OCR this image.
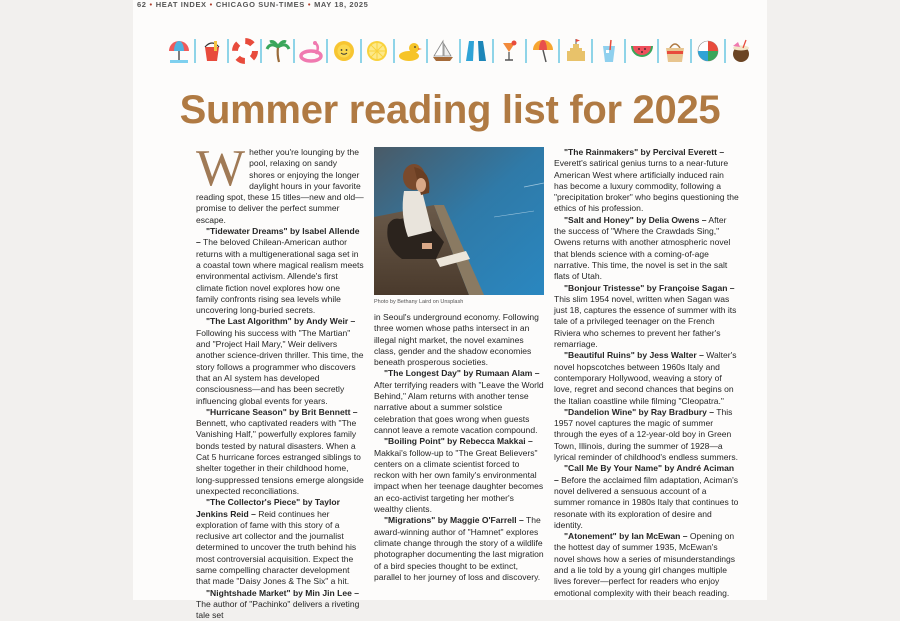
62 • HEAT INDEX • CHICAGO SUN-TIMES • MAY 18, 2025
Summer reading list for 2025

Whether you're lounging by the pool, relaxing on sandy shores or enjoying the longer daylight hours in your favorite reading spot, these 15 titles—new and old—promise to deliver the perfect summer escape.

"Tidewater Dreams" by Isabel Allende – The beloved Chilean-American author returns with a multigenerational saga set in a coastal town where magical realism meets environmental activism. Allende's first climate fiction novel explores how one family confronts rising sea levels while uncovering long-buried secrets.

"The Last Algorithm" by Andy Weir – Following his success with "The Martian" and "Project Hail Mary," Weir delivers another science-driven thriller. This time, the story follows a programmer who discovers that an AI system has developed consciousness—and has been secretly influencing global events for years.

"Hurricane Season" by Brit Bennett – Bennett, who captivated readers with "The Vanishing Half," powerfully explores family bonds tested by natural disasters. When a Cat 5 hurricane forces estranged siblings to shelter together in their childhood home, long-suppressed tensions emerge alongside unexpected reconciliations.

"The Collector's Piece" by Taylor Jenkins Reid – Reid continues her exploration of fame with this story of a reclusive art collector and the journalist determined to uncover the truth behind his most controversial acquisition. Expect the same compelling character development that made "Daisy Jones & The Six" a hit.

"Nightshade Market" by Min Jin Lee – The author of "Pachinko" delivers a riveting tale set

Photo by Bethany Laird on Unsplash

in Seoul's underground economy. Following three women whose paths intersect in an illegal night market, the novel examines class, gender and the shadow economies beneath prosperous societies.

"The Longest Day" by Rumaan Alam – After terrifying readers with "Leave the World Behind," Alam returns with another tense narrative about a summer solstice celebration that goes wrong when guests cannot leave a remote vacation compound.

"Boiling Point" by Rebecca Makkai – Makkai's follow-up to "The Great Believers" centers on a climate scientist forced to reckon with her own family's environmental impact when her teenage daughter becomes an eco-activist targeting her mother's wealthy clients.

"Migrations" by Maggie O'Farrell – The award-winning author of "Hamnet" explores climate change through the story of a wildlife photographer documenting the last migration of a bird species thought to be extinct, parallel to her journey of loss and discovery.

"The Rainmakers" by Percival Everett – Everett's satirical genius turns to a near-future American West where artificially induced rain has become a luxury commodity, following a "precipitation broker" who begins questioning the ethics of his profession.

"Salt and Honey" by Delia Owens – After the success of "Where the Crawdads Sing," Owens returns with another atmospheric novel that blends science with a coming-of-age narrative. This time, the novel is set in the salt flats of Utah.

"Bonjour Tristesse" by Françoise Sagan – This slim 1954 novel, written when Sagan was just 18, captures the essence of summer with its tale of a privileged teenager on the French Riviera who schemes to prevent her father's remarriage.

"Beautiful Ruins" by Jess Walter – Walter's novel hopscotches between 1960s Italy and contemporary Hollywood, weaving a story of love, regret and second chances that begins on the Italian coastline while filming "Cleopatra."

"Dandelion Wine" by Ray Bradbury – This 1957 novel captures the magic of summer through the eyes of a 12-year-old boy in Green Town, Illinois, during the summer of 1928—a lyrical reminder of childhood's endless summers.

"Call Me By Your Name" by André Aciman – Before the acclaimed film adaptation, Aciman's novel delivered a sensuous account of a summer romance in 1980s Italy that continues to resonate with its exploration of desire and identity.

"Atonement" by Ian McEwan – Opening on the hottest day of summer 1935, McEwan's novel shows how a series of misunderstandings and a lie told by a young girl changes multiple lives forever—perfect for readers who enjoy emotional complexity with their beach reading.
